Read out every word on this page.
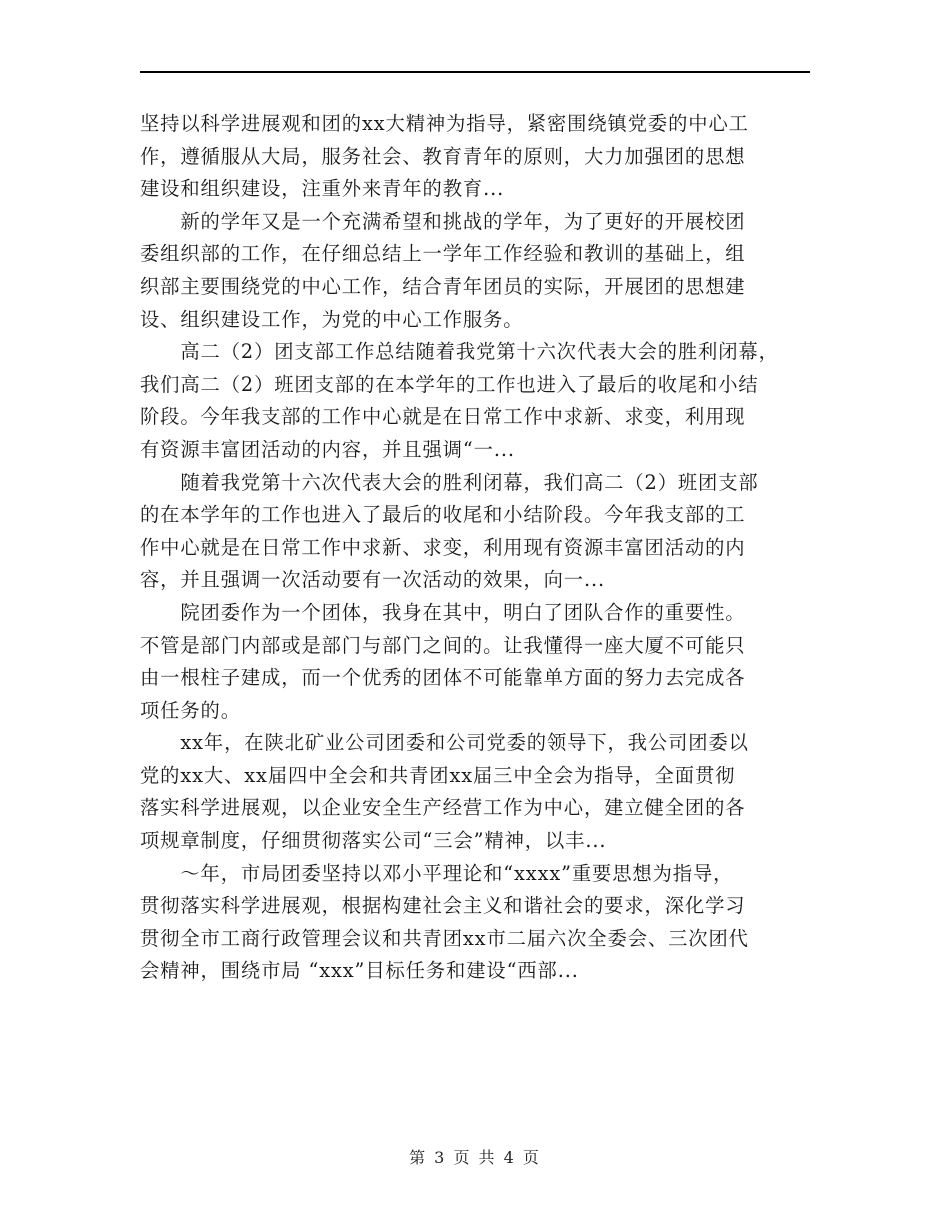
坚持以科学进展观和团的xx大精神为指导，紧密围绕镇党委的中心工
作，遵循服从大局，服务社会、教育青年的原则，大力加强团的思想
建设和组织建设，注重外来青年的教育...

　　新的学年又是一个充满希望和挑战的学年，为了更好的开展校团
委组织部的工作，在仔细总结上一学年工作经验和教训的基础上，组
织部主要围绕党的中心工作，结合青年团员的实际，开展团的思想建
设、组织建设工作，为党的中心工作服务。

　　高二（2）团支部工作总结随着我党第十六次代表大会的胜利闭幕，
我们高二（2）班团支部的在本学年的工作也进入了最后的收尾和小结
阶段。今年我支部的工作中心就是在日常工作中求新、求变，利用现
有资源丰富团活动的内容，并且强调“一...

　　随着我党第十六次代表大会的胜利闭幕，我们高二（2）班团支部
的在本学年的工作也进入了最后的收尾和小结阶段。今年我支部的工
作中心就是在日常工作中求新、求变，利用现有资源丰富团活动的内
容，并且强调一次活动要有一次活动的效果，向一...

　　院团委作为一个团体，我身在其中，明白了团队合作的重要性。
不管是部门内部或是部门与部门之间的。让我懂得一座大厦不可能只
由一根柱子建成，而一个优秀的团体不可能靠单方面的努力去完成各
项任务的。

　　xx年，在陕北矿业公司团委和公司党委的领导下，我公司团委以
党的xx大、xx届四中全会和共青团xx届三中全会为指导，全面贯彻
落实科学进展观，以企业安全生产经营工作为中心，建立健全团的各
项规章制度，仔细贯彻落实公司“三会”精神，以丰...

　　～年，市局团委坚持以邓小平理论和“xxxx”重要思想为指导，
贯彻落实科学进展观，根据构建社会主义和谐社会的要求，深化学习
贯彻全市工商行政管理会议和共青团xx市二届六次全委会、三次团代
会精神，围绕市局 “xxx”目标任务和建设“西部...

第 3 页 共 4 页
